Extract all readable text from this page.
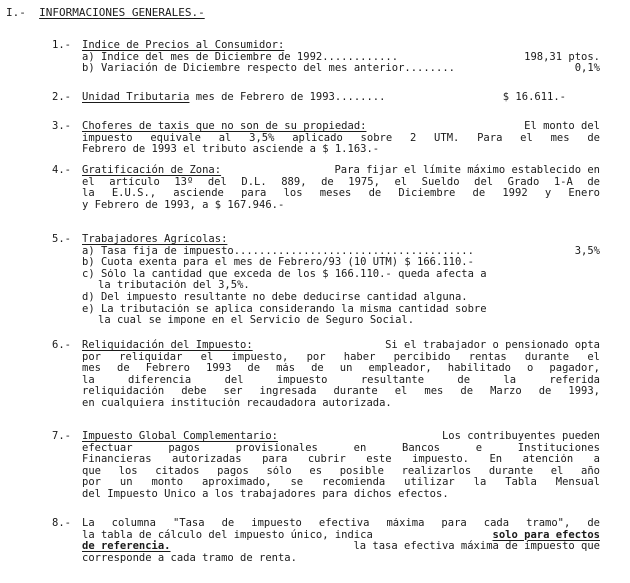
I.- INFORMACIONES GENERALES.-
1.- Indice de Precios al Consumidor:
a) Indice del mes de Diciembre de 1992............	198,31 ptos.
b) Variación de Diciembre respecto del mes anterior........	0,1%
2.- Unidad Tributaria mes de Febrero de 1993........	$ 16.611.-
3.- Choferes de taxis que no son de su propiedad:	El monto del
impuesto equivale al 3,5% aplicado sobre 2 UTM. Para el mes de
Febrero de 1993 el tributo asciende a $ 1.163.-
4.- Gratificación de Zona:	Para fijar el límite máximo establecido en
el artículo 13º del D.L. 889, de 1975, el Sueldo del Grado 1-A de
la E.U.S., asciende para los meses de Diciembre de 1992 y Enero
y Febrero de 1993, a $ 167.946.-
5.- Trabajadores Agrícolas:
a) Tasa fija de impuesto......................................	3,5%
b) Cuota exenta para el mes de Febrero/93 (10 UTM) $ 166.110.-
c) Sólo la cantidad que exceda de los $ 166.110.- queda afecta a
la tributación del 3,5%.
d) Del impuesto resultante no debe deducirse cantidad alguna.
e) La tributación se aplica considerando la misma cantidad sobre
la cual se impone en el Servicio de Seguro Social.
6.- Reliquidación del Impuesto:	Si el trabajador o pensionado opta
por reliquidar el impuesto, por haber percibido rentas durante el
mes de Febrero 1993 de más de un empleador, habilitado o pagador,
la diferencia del impuesto resultante de la referida
reliquidación debe ser ingresada durante el mes de Marzo de 1993,
en cualquiera institución recaudadora autorizada.
7.- Impuesto Global Complementario:	Los contribuyentes pueden
efectuar pagos provisionales en Bancos e Instituciones
Financieras autorizadas para cubrir este impuesto. En atención a
que los citados pagos sólo es posible realizarlos durante el año
por un monto aproximado, se recomienda utilizar la Tabla Mensual
del Impuesto Unico a los trabajadores para dichos efectos.
8.- La columna "Tasa de impuesto efectiva máxima para cada tramo", de
la tabla de cálculo del impuesto único, indica	solo para efectos
de referencia.	la tasa efectiva máxima de impuesto que
corresponde a cada tramo de renta.
